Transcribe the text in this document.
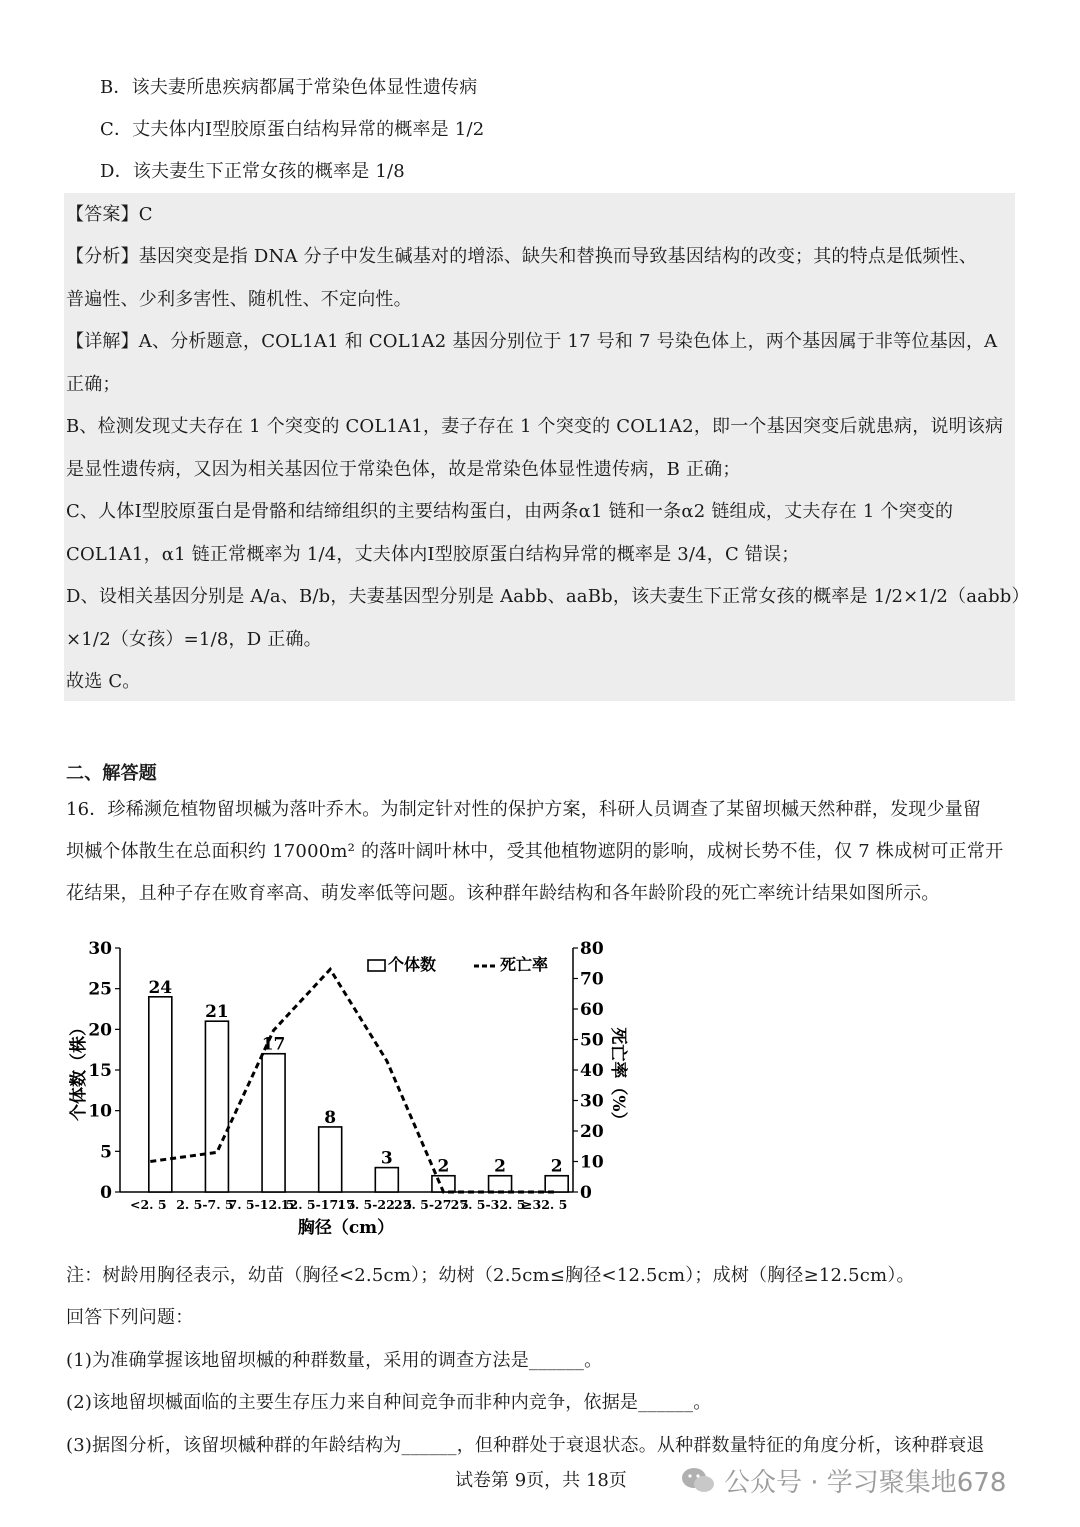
B．该夫妻所患疾病都属于常染色体显性遗传病
C．丈夫体内Ⅰ型胶原蛋白结构异常的概率是 1/2
D．该夫妻生下正常女孩的概率是 1/8
【答案】C
【分析】基因突变是指 DNA 分子中发生碱基对的增添、缺失和替换而导致基因结构的改变；其的特点是低频性、
普遍性、少利多害性、随机性、不定向性。
【详解】A、分析题意，COL1A1 和 COL1A2 基因分别位于 17 号和 7 号染色体上，两个基因属于非等位基因，A
正确；
B、检测发现丈夫存在 1 个突变的 COL1A1，妻子存在 1 个突变的 COL1A2，即一个基因突变后就患病，说明该病
是显性遗传病，又因为相关基因位于常染色体，故是常染色体显性遗传病，B 正确；
C、人体Ⅰ型胶原蛋白是骨骼和结缔组织的主要结构蛋白，由两条α1 链和一条α2 链组成，丈夫存在 1 个突变的
COL1A1，α1 链正常概率为 1/4，丈夫体内Ⅰ型胶原蛋白结构异常的概率是 3/4，C 错误；
D、设相关基因分别是 A/a、B/b，夫妻基因型分别是 Aabb、aaBb，该夫妻生下正常女孩的概率是 1/2×1/2（aabb）
×1/2（女孩）=1/8，D 正确。
故选 C。
二、解答题
16．珍稀濒危植物留坝槭为落叶乔木。为制定针对性的保护方案，科研人员调查了某留坝槭天然种群，发现少量留
坝槭个体散生在总面积约 17000m² 的落叶阔叶林中，受其他植物遮阴的影响，成树长势不佳，仅 7 株成树可正常开
花结果，且种子存在败育率高、萌发率低等问题。该种群年龄结构和各年龄阶段的死亡率统计结果如图所示。
0
5
10
15
20
25
30
0
10
20
30
40
50
60
70
80
24
<2. 5
21
2. 5-7. 5
17
7. 5-12. 5
8
12. 5-17. 5
3
17. 5-22. 5
2
22. 5-27. 5
2
27. 5-32. 5
2
≥32. 5
个体数	死亡率
胸径（cm）
个体数（株）	死亡率（%）
注：树龄用胸径表示，幼苗（胸径<2.5cm）；幼树（2.5cm≤胸径<12.5cm）；成树（胸径≥12.5cm）。
回答下列问题：
(1)为准确掌握该地留坝槭的种群数量，采用的调查方法是______。
(2)该地留坝槭面临的主要生存压力来自种间竞争而非种内竞争，依据是______。
(3)据图分析，该留坝槭种群的年龄结构为______，但种群处于衰退状态。从种群数量特征的角度分析，该种群衰退
试卷第 9页，共 18页	公众号 · 学习聚集地678
